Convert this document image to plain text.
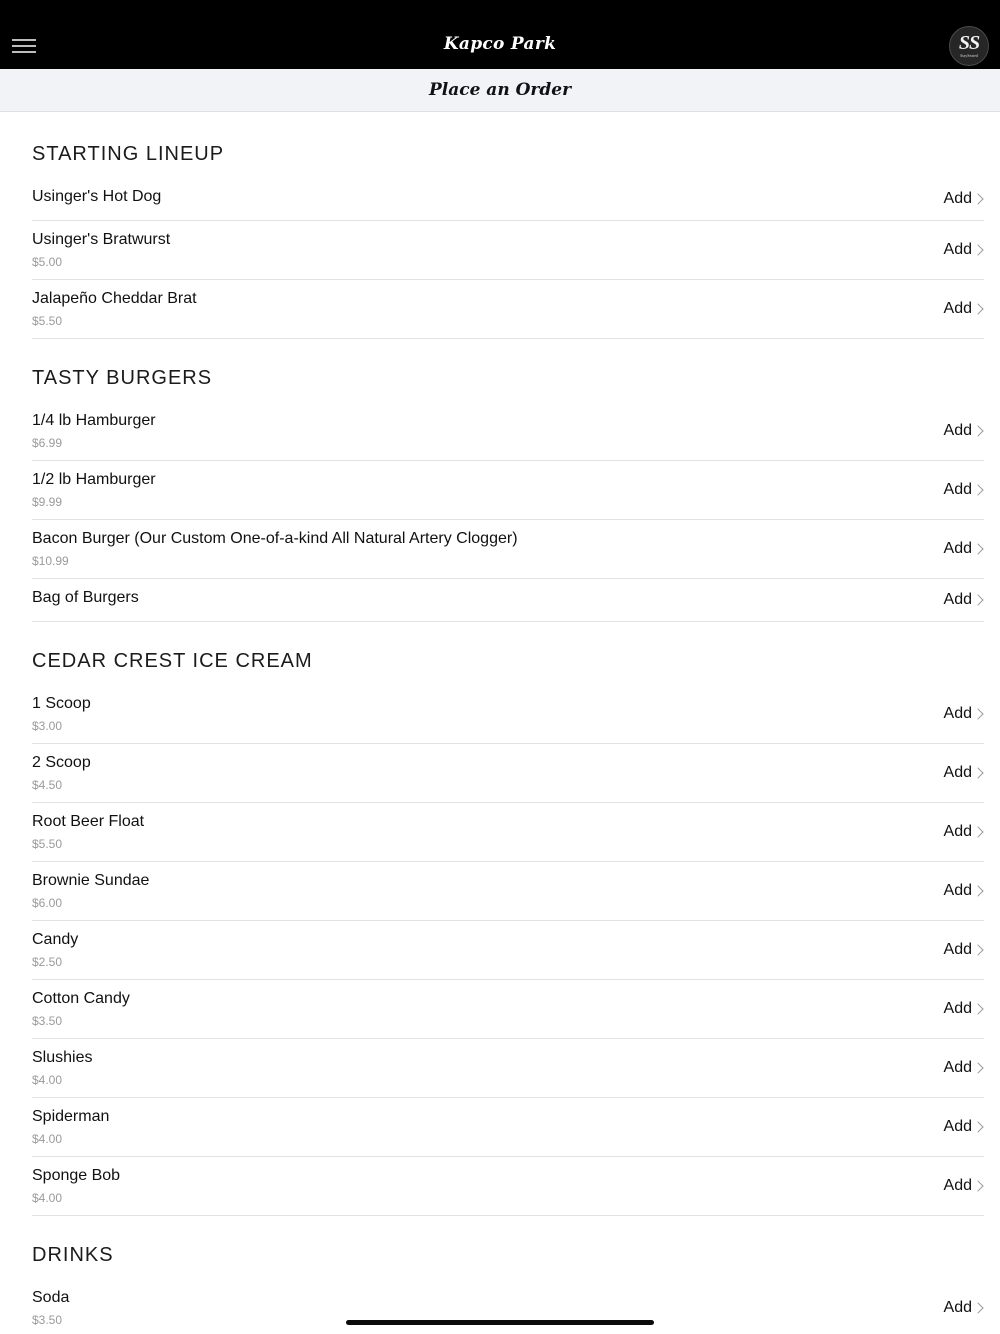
Kapco Park	SS
StaySeated
Place an Order
STARTING LINEUP
Usinger's Hot Dog	Add
Usinger's Bratwurst
$5.00
Add
Jalapeño Cheddar Brat
$5.50
Add
TASTY BURGERS
1/4 lb Hamburger
$6.99
Add
1/2 lb Hamburger
$9.99
Add
Bacon Burger (Our Custom One-of-a-kind All Natural Artery Clogger)
$10.99
Add
Bag of Burgers	Add
CEDAR CREST ICE CREAM
1 Scoop
$3.00
Add
2 Scoop
$4.50
Add
Root Beer Float
$5.50
Add
Brownie Sundae
$6.00
Add
Candy
$2.50
Add
Cotton Candy
$3.50
Add
Slushies
$4.00
Add
Spiderman
$4.00
Add
Sponge Bob
$4.00
Add
DRINKS
Soda
$3.50
Add
